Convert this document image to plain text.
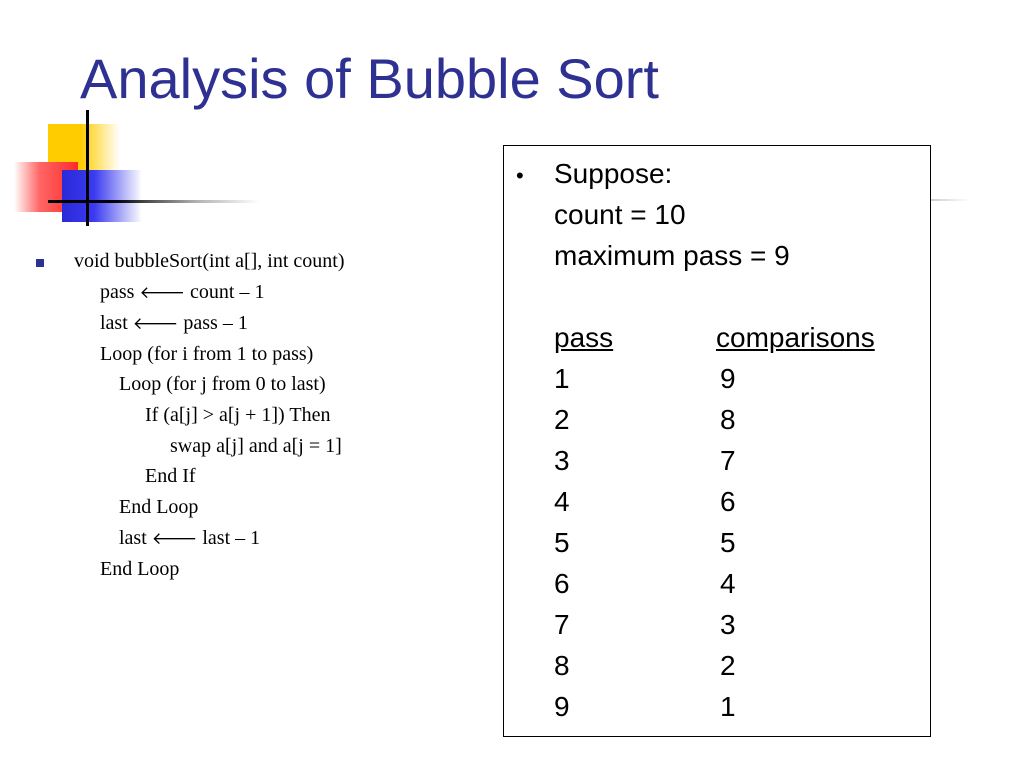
Analysis of Bubble Sort
void bubbleSort(int a[], int count)
pass 🡐 count – 1
last 🡐 pass – 1
Loop (for i from 1 to pass)
Loop (for j from 0 to last)
If (a[j] > a[j + 1]) Then
swap a[j] and a[j = 1]
End If
End Loop
last 🡐 last – 1
End Loop
• Suppose:
count = 10
maximum pass = 9
pass	comparisons
1	9
2	8
3	7
4	6
5	5
6	4
7	3
8	2
9	1
